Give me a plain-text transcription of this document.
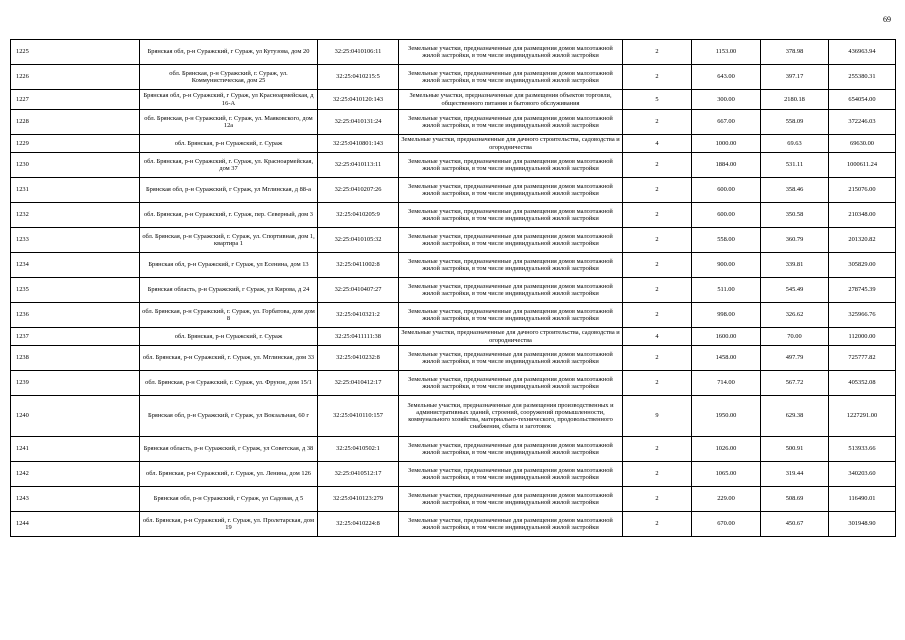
69
1225	Брянская обл, р-н Суражский, г Сураж, ул Кутузова, дом 20	32:25:0410106:11	Земельные участки, предназначенные для размещения домов малоэтажной жилой застройки, в том числе индивидуальной жилой застройки	2	1153.00	378.98	436963.94
1226	обл. Брянская, р-н Суражский, г. Сураж, ул. Коммунистическая, дом 25	32:25:0410215:5	Земельные участки, предназначенные для размещения домов малоэтажной жилой застройки, в том числе индивидуальной жилой застройки	2	643.00	397.17	255380.31
1227	Брянская обл, р-н Суражский, г Сураж, ул Красноармейская, д 16-А	32:25:0410120:143	Земельные участки, предназначенные для размещения объектов торговли, общественного питания и бытового обслуживания	5	300.00	2180.18	654054.00
1228	обл. Брянская, р-н Суражский, г. Сураж, ул. Маяковского, дом 12а	32:25:0410131:24	Земельные участки, предназначенные для размещения домов малоэтажной жилой застройки, в том числе индивидуальной жилой застройки	2	667.00	558.09	372246.03
1229	обл. Брянская, р-н Суражский, г. Сураж	32:25:0410801:143	Земельные участки, предназначенные для дачного строительства, садоводства и огородничества	4	1000.00	69.63	69630.00
1230	обл. Брянская, р-н Суражский, г. Сураж, ул. Красноармейская, дом 37	32:25:0410113:11	Земельные участки, предназначенные для размещения домов малоэтажной жилой застройки, в том числе индивидуальной жилой застройки	2	1884.00	531.11	1000611.24
1231	Брянская обл, р-н Суражский, г Сураж, ул Мглинская, д 88-а	32:25:0410207:26	Земельные участки, предназначенные для размещения домов малоэтажной жилой застройки, в том числе индивидуальной жилой застройки	2	600.00	358.46	215076.00
1232	обл. Брянская, р-н Суражский, г. Сураж, пер. Северный, дом 3	32:25:0410205:9	Земельные участки, предназначенные для размещения домов малоэтажной жилой застройки, в том числе индивидуальной жилой застройки	2	600.00	350.58	210348.00
1233	обл. Брянская, р-н Суражский, г. Сураж, ул. Спортивная, дом 1, квартира 1	32:25:0410105:32	Земельные участки, предназначенные для размещения домов малоэтажной жилой застройки, в том числе индивидуальной жилой застройки	2	558.00	360.79	201320.82
1234	Брянская обл, р-н Суражский, г Сураж, ул Есенина, дом 13	32:25:0411002:8	Земельные участки, предназначенные для размещения домов малоэтажной жилой застройки, в том числе индивидуальной жилой застройки	2	900.00	339.81	305829.00
1235	Брянская область, р-н Суражский, г Сураж, ул Кирова, д 24	32:25:0410407:27	Земельные участки, предназначенные для размещения домов малоэтажной жилой застройки, в том числе индивидуальной жилой застройки	2	511.00	545.49	278745.39
1236	обл. Брянская, р-н Суражский, г. Сураж, ул. Горбатова, дом дом 8	32:25:0410321:2	Земельные участки, предназначенные для размещения домов малоэтажной жилой застройки, в том числе индивидуальной жилой застройки	2	998.00	326.62	325966.76
1237	обл. Брянская, р-н Суражский, г. Сураж	32:25:0411111:38	Земельные участки, предназначенные для дачного строительства, садоводства и огородничества	4	1600.00	70.00	112000.00
1238	обл. Брянская, р-н Суражский, г. Сураж, ул. Мглинская, дом 33	32:25:0410232:8	Земельные участки, предназначенные для размещения домов малоэтажной жилой застройки, в том числе индивидуальной жилой застройки	2	1458.00	497.79	725777.82
1239	обл. Брянская, р-н Суражский, г. Сураж, ул. Фрунзе, дом 15/1	32:25:0410412:17	Земельные участки, предназначенные для размещения домов малоэтажной жилой застройки, в том числе индивидуальной жилой застройки	2	714.00	567.72	405352.08
1240	Брянская обл, р-н Суражский, г Сураж, ул Вокзальная, 60 г	32:25:0410110:157	Земельные участки, предназначенные для размещения производственных и административных зданий, строений, сооружений промышленности, коммунального хозяйства, материально-технического, продовольственного снабжения, сбыта и заготовок	9	1950.00	629.38	1227291.00
1241	Брянская область, р-н Суражский, г Сураж, ул Советская, д 38	32:25:0410502:1	Земельные участки, предназначенные для размещения домов малоэтажной жилой застройки, в том числе индивидуальной жилой застройки	2	1026.00	500.91	513933.66
1242	обл. Брянская, р-н Суражский, г. Сураж, ул. Ленина, дом 126	32:25:0410512:17	Земельные участки, предназначенные для размещения домов малоэтажной жилой застройки, в том числе индивидуальной жилой застройки	2	1065.00	319.44	340203.60
1243	Брянская обл, р-н Суражский, г Сураж, ул Садовая, д 5	32:25:0410123:279	Земельные участки, предназначенные для размещения домов малоэтажной жилой застройки, в том числе индивидуальной жилой застройки	2	229.00	508.69	116490.01
1244	обл. Брянская, р-н Суражский, г. Сураж, ул. Пролетарская, дом 19	32:25:0410224:8	Земельные участки, предназначенные для размещения домов малоэтажной жилой застройки, в том числе индивидуальной жилой застройки	2	670.00	450.67	301948.90
